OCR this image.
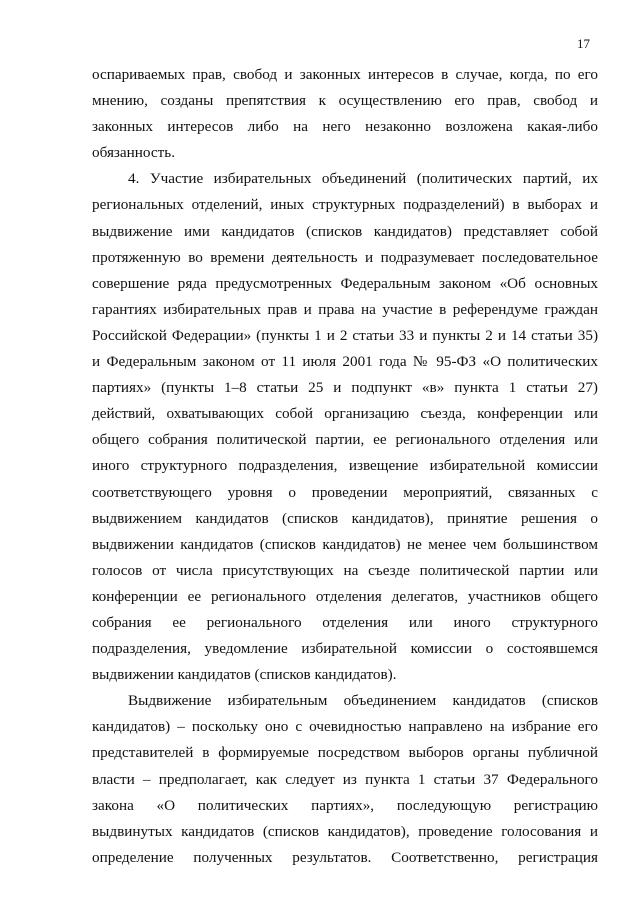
17
оспариваемых прав, свобод и законных интересов в случае, когда, по его
мнению, созданы препятствия к осуществлению его прав, свобод и
законных интересов либо на него незаконно возложена какая-либо
обязанность.
4. Участие избирательных объединений (политических партий, их
региональных отделений, иных структурных подразделений) в выборах и
выдвижение ими кандидатов (списков кандидатов) представляет собой
протяженную во времени деятельность и подразумевает последовательное
совершение ряда предусмотренных Федеральным законом «Об основных
гарантиях избирательных прав и права на участие в референдуме граждан
Российской Федерации» (пункты 1 и 2 статьи 33 и пункты 2 и 14 статьи 35)
и Федеральным законом от 11 июля 2001 года № 95-ФЗ «О политических
партиях» (пункты 1–8 статьи 25 и подпункт «в» пункта 1 статьи 27)
действий, охватывающих собой организацию съезда, конференции или
общего собрания политической партии, ее регионального отделения или
иного структурного подразделения, извещение избирательной комиссии
соответствующего уровня о проведении мероприятий, связанных с
выдвижением кандидатов (списков кандидатов), принятие решения о
выдвижении кандидатов (списков кандидатов) не менее чем большинством
голосов от числа присутствующих на съезде политической партии или
конференции ее регионального отделения делегатов, участников общего
собрания ее регионального отделения или иного структурного
подразделения, уведомление избирательной комиссии о состоявшемся
выдвижении кандидатов (списков кандидатов).
Выдвижение избирательным объединением кандидатов (списков
кандидатов) – поскольку оно с очевидностью направлено на избрание его
представителей в формируемые посредством выборов органы публичной
власти – предполагает, как следует из пункта 1 статьи 37 Федерального
закона «О политических партиях», последующую регистрацию
выдвинутых кандидатов (списков кандидатов), проведение голосования и
определение полученных результатов. Соответственно, регистрация
